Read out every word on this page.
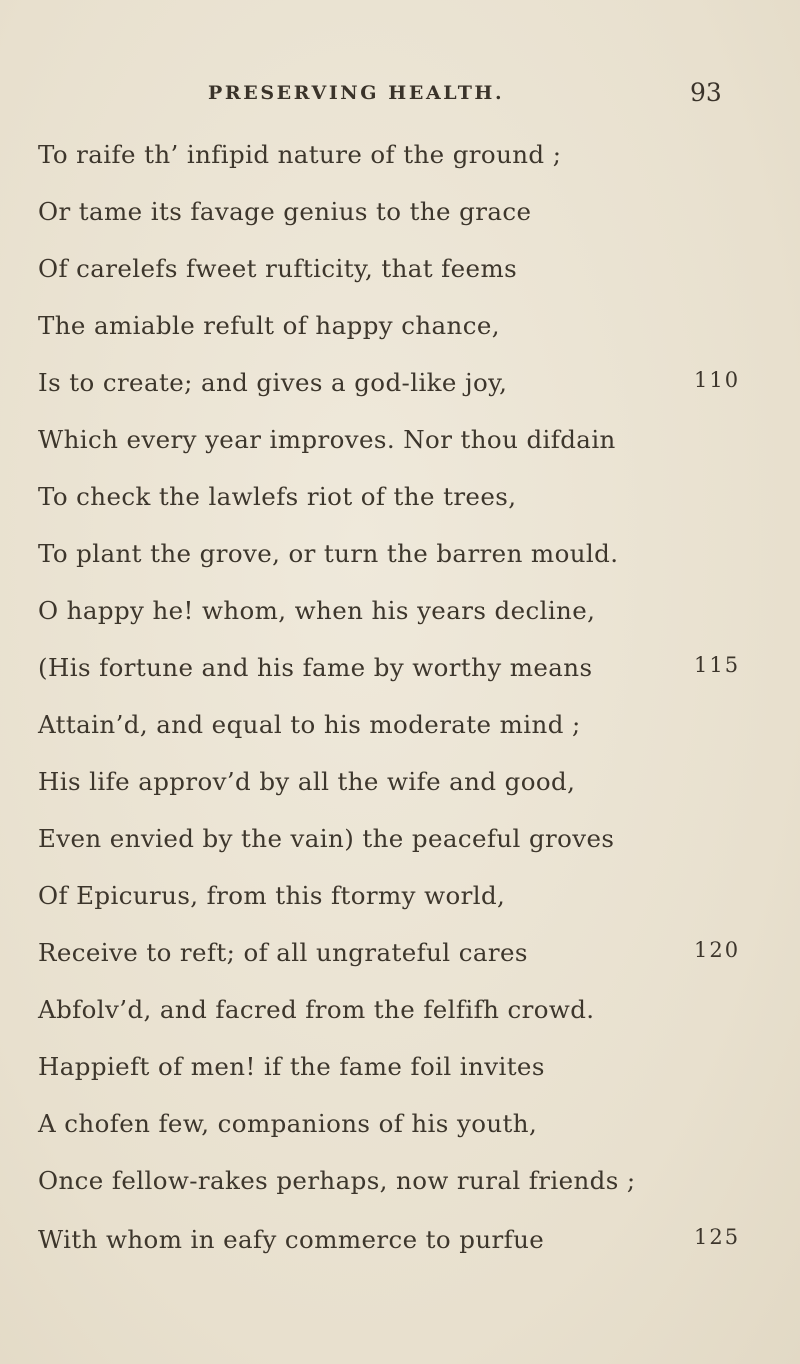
PRESERVING HEALTH.	93
To raife th’ infipid nature of the ground ;
Or tame its favage genius to the grace
Of carelefs fweet rufticity, that feems
The amiable refult of happy chance,
Is to create; and gives a god-like joy,	110
Which every year improves. Nor thou difdain
To check the lawlefs riot of the trees,
To plant the grove, or turn the barren mould.
O happy he! whom, when his years decline,
(His fortune and his fame by worthy means	115
Attain’d, and equal to his moderate mind ;
His life approv’d by all the wife and good,
Even envied by the vain) the peaceful groves
Of Epicurus, from this ftormy world,
Receive to reft; of all ungrateful cares	120
Abfolv’d, and facred from the felfifh crowd.
Happieft of men! if the fame foil invites
A chofen few, companions of his youth,
Once fellow-rakes perhaps, now rural friends ;
With whom in eafy commerce to purfue	125
